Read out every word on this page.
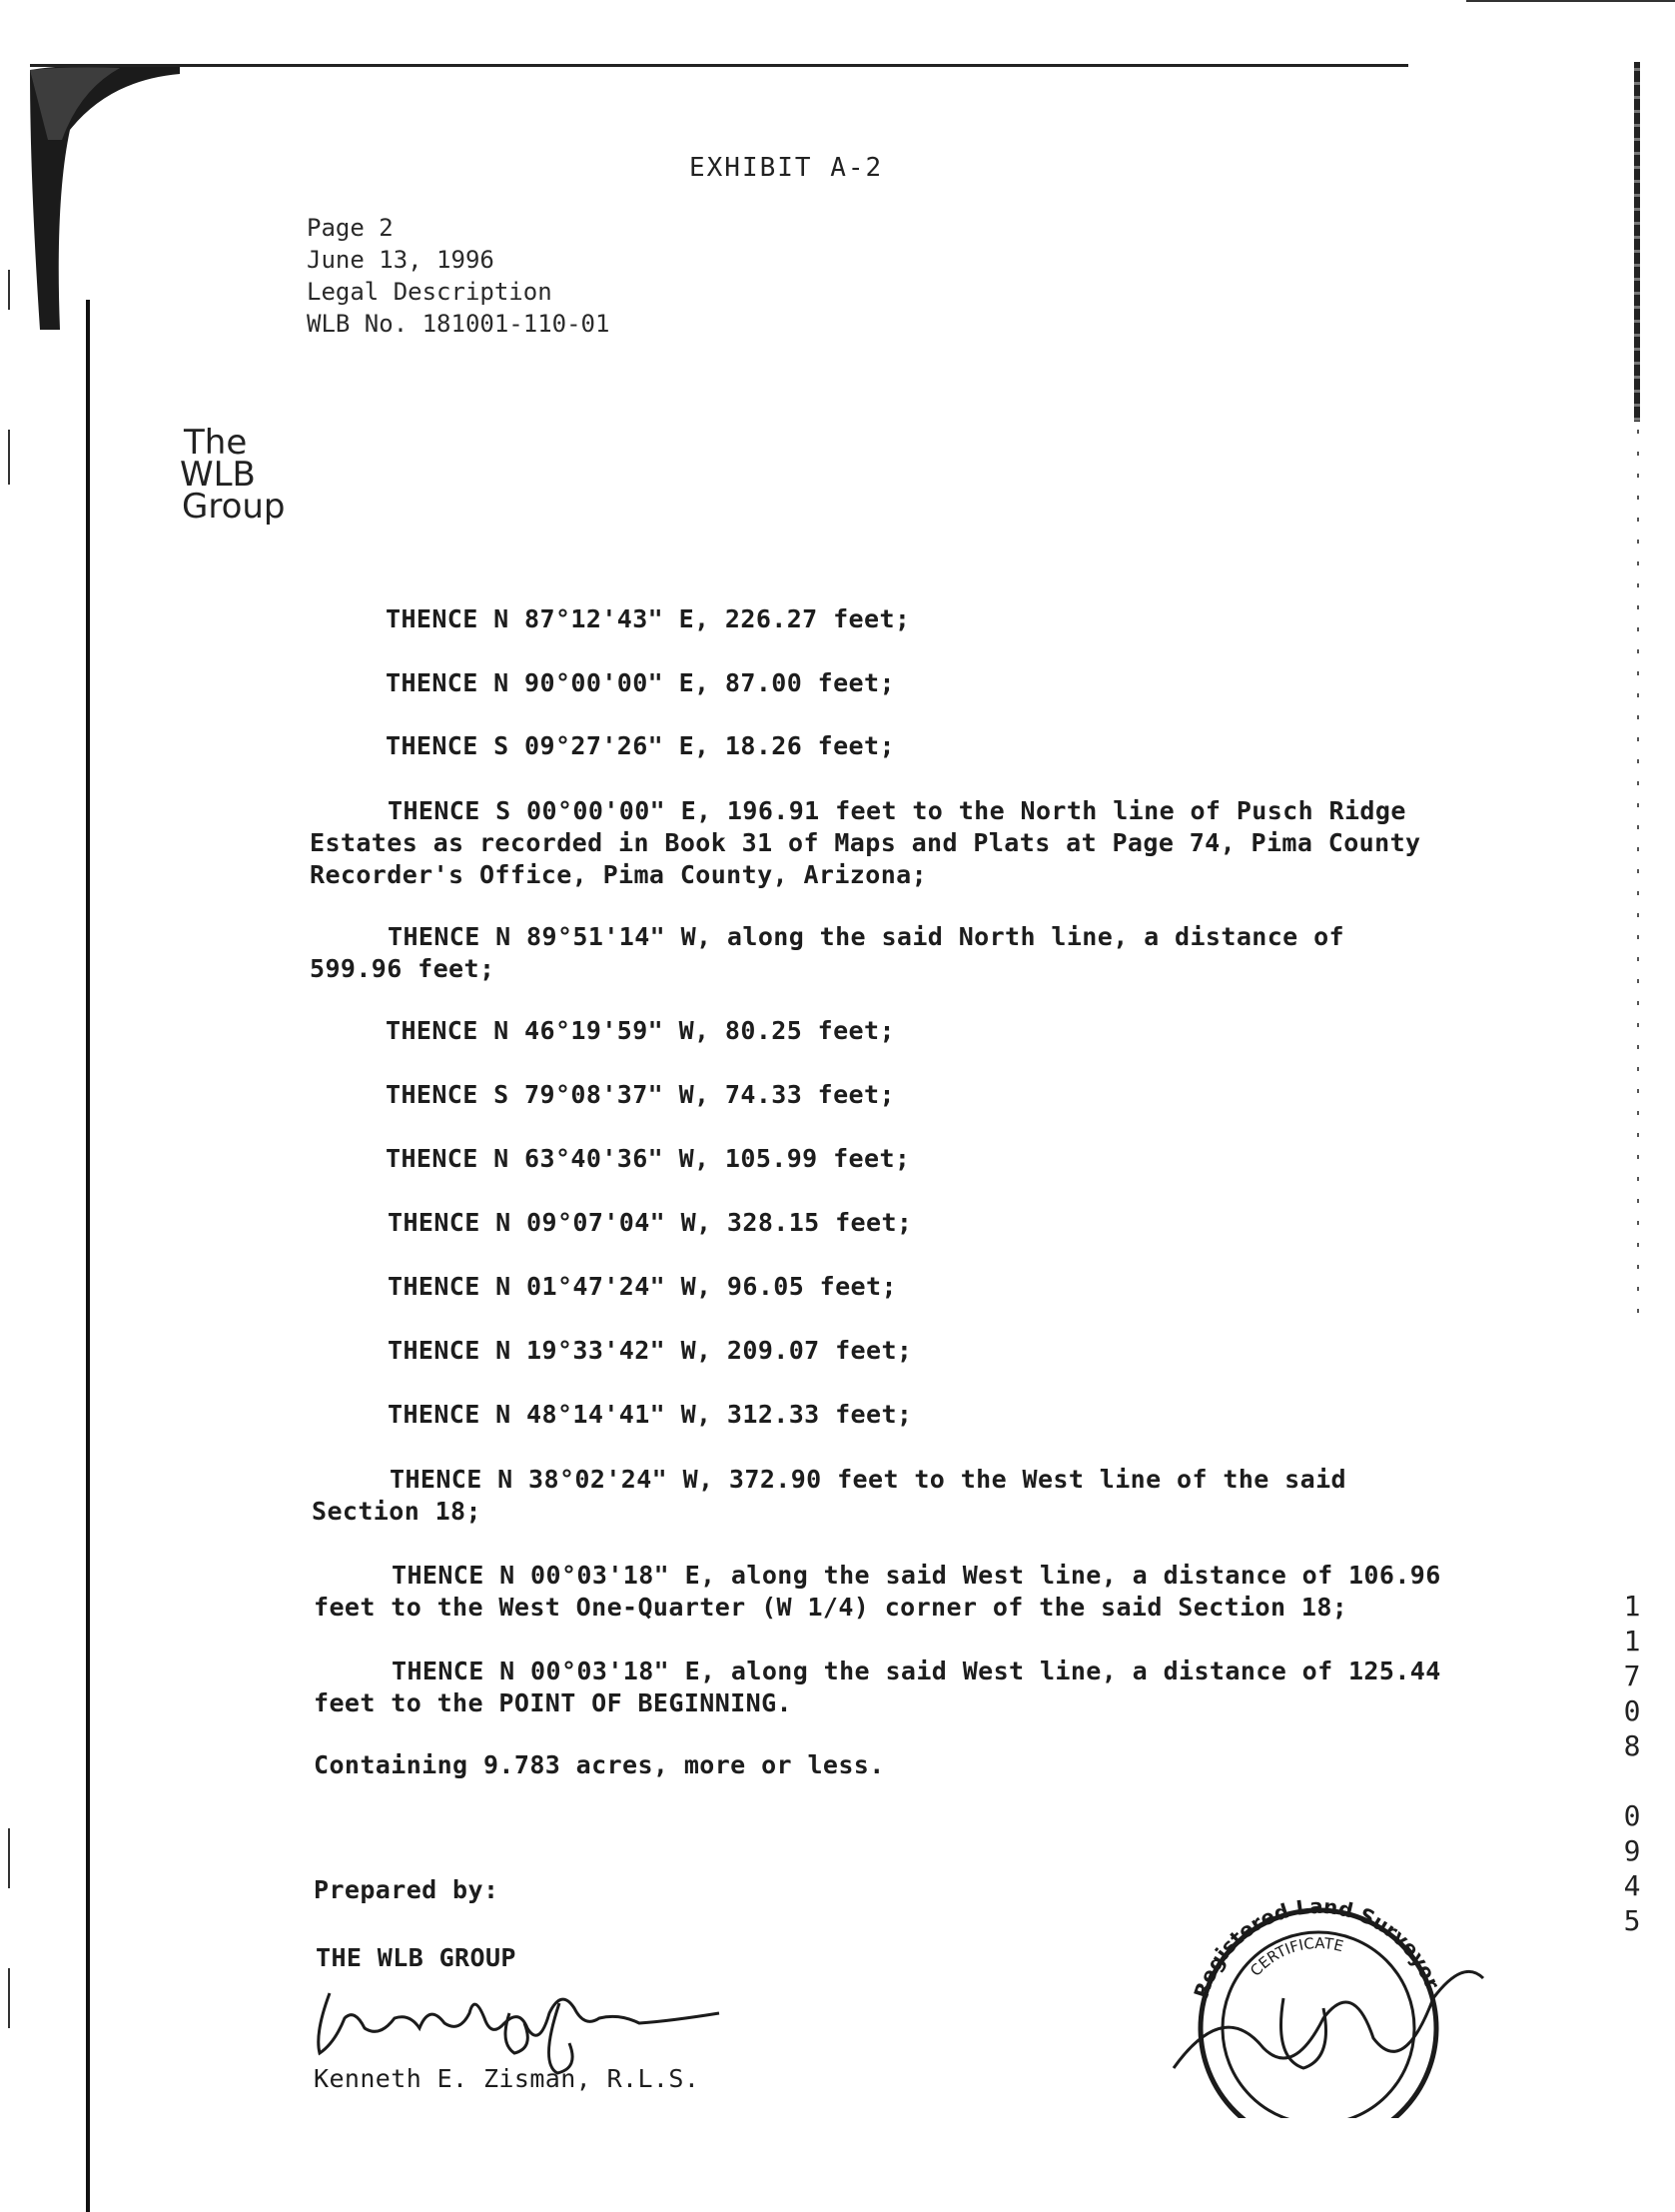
EXHIBIT A-2
Page 2
June 13, 1996
Legal Description
WLB No. 181001-110-01
The
WLB
Group
THENCE N 87°12'43" E, 226.27 feet;
THENCE N 90°00'00" E, 87.00 feet;
THENCE S 09°27'26" E, 18.26 feet;
THENCE S 00°00'00" E, 196.91 feet to the North line of Pusch Ridge
Estates as recorded in Book 31 of Maps and Plats at Page 74, Pima County
Recorder's Office, Pima County, Arizona;
THENCE N 89°51'14" W, along the said North line, a distance of
599.96 feet;
THENCE N 46°19'59" W, 80.25 feet;
THENCE S 79°08'37" W, 74.33 feet;
THENCE N 63°40'36" W, 105.99 feet;
THENCE N 09°07'04" W, 328.15 feet;
THENCE N 01°47'24" W, 96.05 feet;
THENCE N 19°33'42" W, 209.07 feet;
THENCE N 48°14'41" W, 312.33 feet;
THENCE N 38°02'24" W, 372.90 feet to the West line of the said
Section 18;
THENCE N 00°03'18" E, along the said West line, a distance of 106.96
feet to the West One-Quarter (W 1/4) corner of the said Section 18;
THENCE N 00°03'18" E, along the said West line, a distance of 125.44
feet to the POINT OF BEGINNING.
Containing 9.783 acres, more or less.
Prepared by:
THE WLB GROUP
Kenneth E. Zisman, R.L.S.
Registered Land Surveyor
CERTIFICATE
1
1
7
0
8
0
9
4
5
